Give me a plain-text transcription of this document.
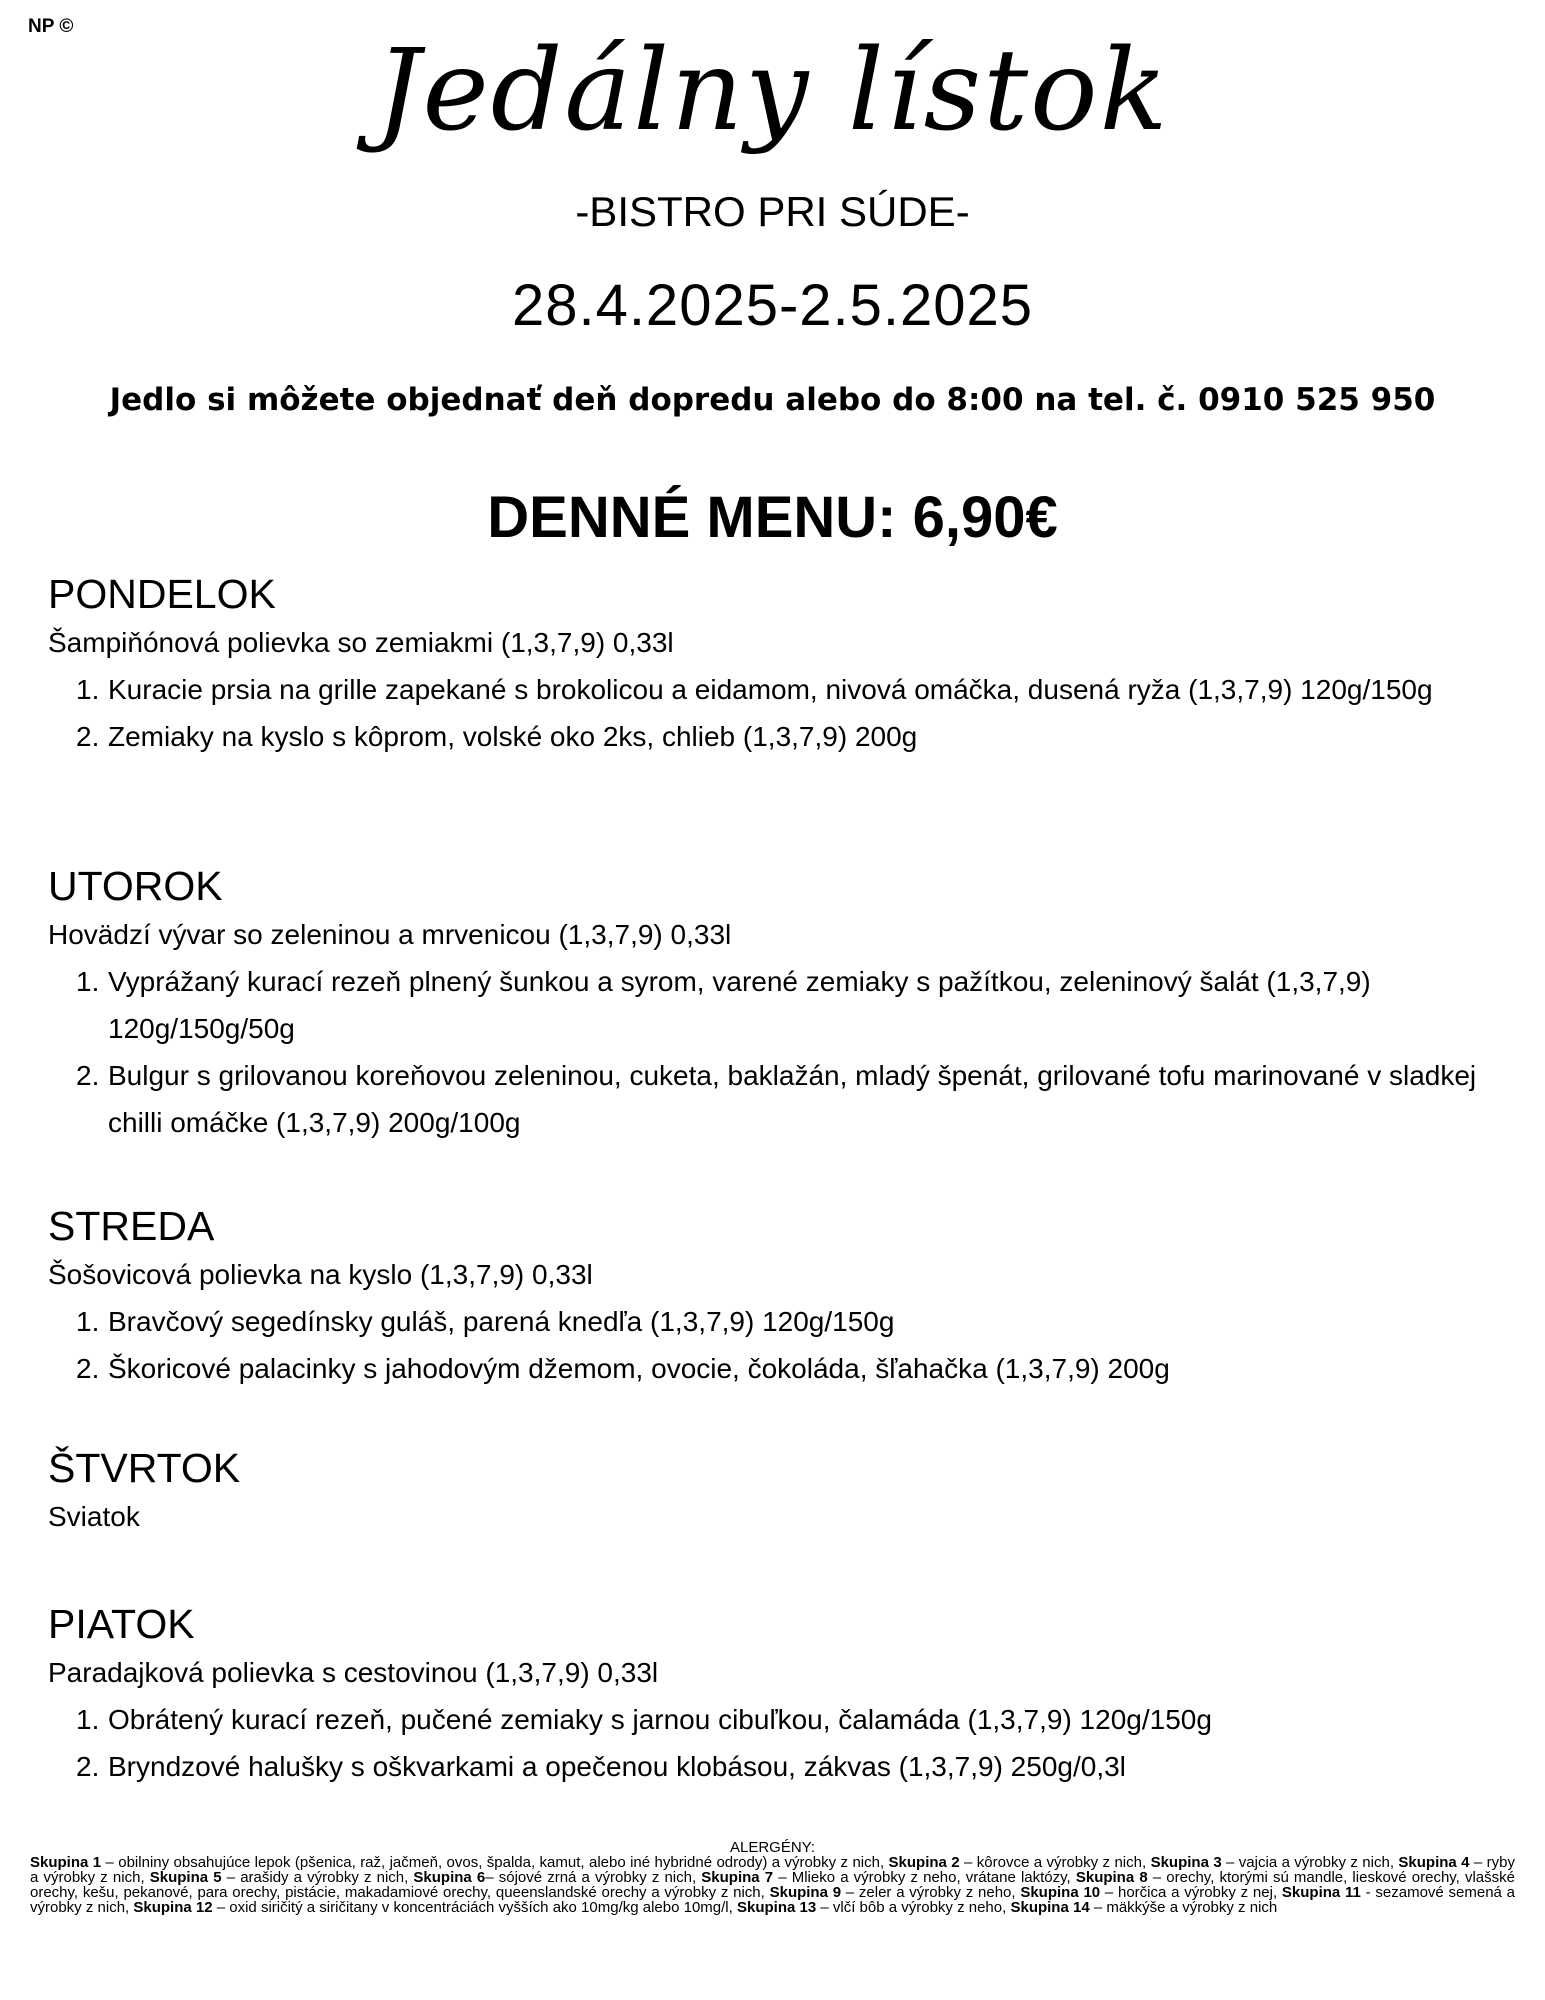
NP ©	Jedálny lístok
-BISTRO PRI SÚDE-
28.4.2025-2.5.2025
Jedlo si môžete objednať deň dopredu alebo do 8:00 na tel. č. 0910 525 950
DENNÉ MENU: 6,90€
PONDELOK
Šampiňónová polievka so zemiakmi (1,3,7,9) 0,33l
1. Kuracie prsia na grille zapekané s brokolicou a eidamom, nivová omáčka, dusená ryža (1,3,7,9) 120g/150g
2. Zemiaky na kyslo s kôprom, volské oko 2ks, chlieb (1,3,7,9) 200g
UTOROK
Hovädzí vývar so zeleninou a mrvenicou (1,3,7,9) 0,33l
1. Vyprážaný kurací rezeň plnený šunkou a syrom, varené zemiaky s pažítkou, zeleninový šalát (1,3,7,9) 120g/150g/50g
2. Bulgur s grilovanou koreňovou zeleninou, cuketa, baklažán, mladý špenát, grilované tofu marinované v sladkej chilli omáčke (1,3,7,9) 200g/100g
STREDA
Šošovicová polievka na kyslo (1,3,7,9) 0,33l
1. Bravčový segedínsky guláš, parená knedľa (1,3,7,9) 120g/150g
2. Škoricové palacinky s jahodovým džemom, ovocie, čokoláda, šľahačka (1,3,7,9) 200g
ŠTVRTOK
Sviatok
PIATOK
Paradajková polievka s cestovinou (1,3,7,9) 0,33l
1. Obrátený kurací rezeň, pučené zemiaky s jarnou cibuľkou, čalamáda (1,3,7,9) 120g/150g
2. Bryndzové halušky s oškvarkami a opečenou klobásou, zákvas (1,3,7,9) 250g/0,3l
ALERGÉNY:
Skupina 1 – obilniny obsahujúce lepok (pšenica, raž, jačmeň, ovos, špalda, kamut, alebo iné hybridné odrody) a výrobky z nich, Skupina 2 – kôrovce a výrobky z nich, Skupina 3 – vajcia a výrobky z nich, Skupina 4 – ryby a výrobky z nich, Skupina 5 – arašidy a výrobky z nich, Skupina 6– sójové zrná a výrobky z nich, Skupina 7 – Mlieko a výrobky z neho, vrátane laktózy, Skupina 8 – orechy, ktorými sú mandle, lieskové orechy, vlašské orechy, kešu, pekanové, para orechy, pistácie, makadamiové orechy, queenslandské orechy a výrobky z nich, Skupina 9 – zeler a výrobky z neho, Skupina 10 – horčica a výrobky z nej, Skupina 11 - sezamové semená a výrobky z nich, Skupina 12 – oxid siričitý a siričitany v koncentráciách vyšších ako 10mg/kg alebo 10mg/l, Skupina 13 – vlčí bôb a výrobky z neho, Skupina 14 – mäkkýše a výrobky z nich
